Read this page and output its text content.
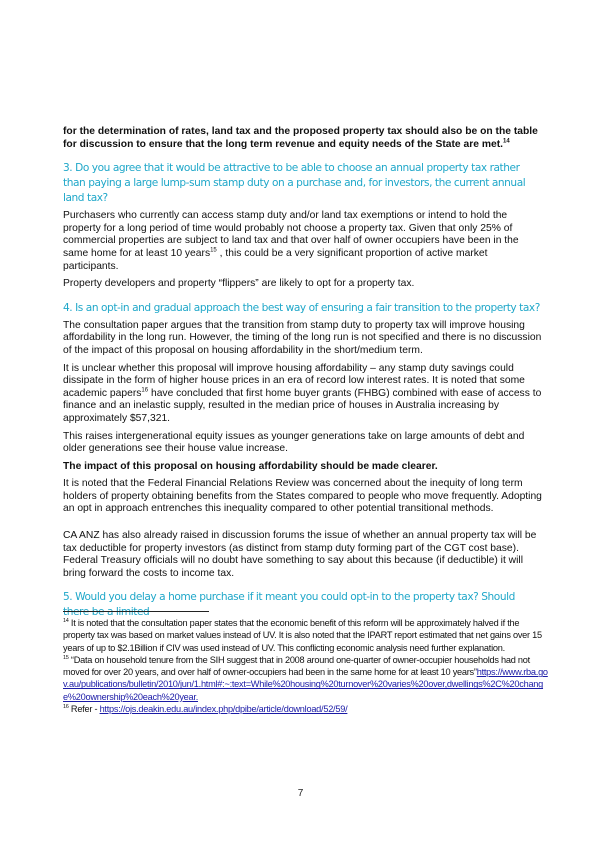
for the determination of rates, land tax and the proposed property tax should also be on the table for discussion to ensure that the long term revenue and equity needs of the State are met.$^{14}$

3. Do you agree that it would be attractive to be able to choose an annual property tax rather than paying a large lump-sum stamp duty on a purchase and, for investors, the current annual land tax?

Purchasers who currently can access stamp duty and/or land tax exemptions or intend to hold the property for a long period of time would probably not choose a property tax. Given that only 25% of commercial properties are subject to land tax and that over half of owner occupiers have been in the same home for at least 10 years$^{15}$ , this could be a very significant proportion of active market participants.

Property developers and property “flippers” are likely to opt for a property tax.

4. Is an opt-in and gradual approach the best way of ensuring a fair transition to the property tax?

The consultation paper argues that the transition from stamp duty to property tax will improve housing affordability in the long run. However, the timing of the long run is not specified and there is no discussion of the impact of this proposal on housing affordability in the short/medium term.

It is unclear whether this proposal will improve housing affordability – any stamp duty savings could dissipate in the form of higher house prices in an era of record low interest rates. It is noted that some academic papers$^{16}$ have concluded that first home buyer grants (FHBG) combined with ease of access to finance and an inelastic supply, resulted in the median price of houses in Australia increasing by approximately $57,321.

This raises intergenerational equity issues as younger generations take on large amounts of debt and older generations see their house value increase.

The impact of this proposal on housing affordability should be made clearer.

It is noted that the Federal Financial Relations Review was concerned about the inequity of long term holders of property obtaining benefits from the States compared to people who move frequently. Adopting an opt in approach entrenches this inequality compared to other potential transitional methods.

CA ANZ has also already raised in discussion forums the issue of whether an annual property tax will be tax deductible for property investors (as distinct from stamp duty forming part of the CGT cost base). Federal Treasury officials will no doubt have something to say about this because (if deductible) it will bring forward the costs to income tax.

5. Would you delay a home purchase if it meant you could opt-in to the property tax? Should there be a limited

$^{14}$ It is noted that the consultation paper states that the economic benefit of this reform will be approximately halved if the property tax was based on market values instead of UV. It is also noted that the IPART report estimated that net gains over 15 years of up to $2.1Billion if CIV was used instead of UV. This conflicting economic analysis need further explanation.

$^{15}$ “Data on household tenure from the SIH suggest that in 2008 around one-quarter of owner-occupier households had not moved for over 20 years, and over half of owner-occupiers had been in the same home for at least 10 years”https://www.rba.gov.au/publications/bulletin/2010/jun/1.html#:~:text=While%20housing%20turnover%20varies%20over,dwellings%2C%20change%20ownership%20each%20year.

$^{16}$ Refer - https://ojs.deakin.edu.au/index.php/dpibe/article/download/52/59/

7
